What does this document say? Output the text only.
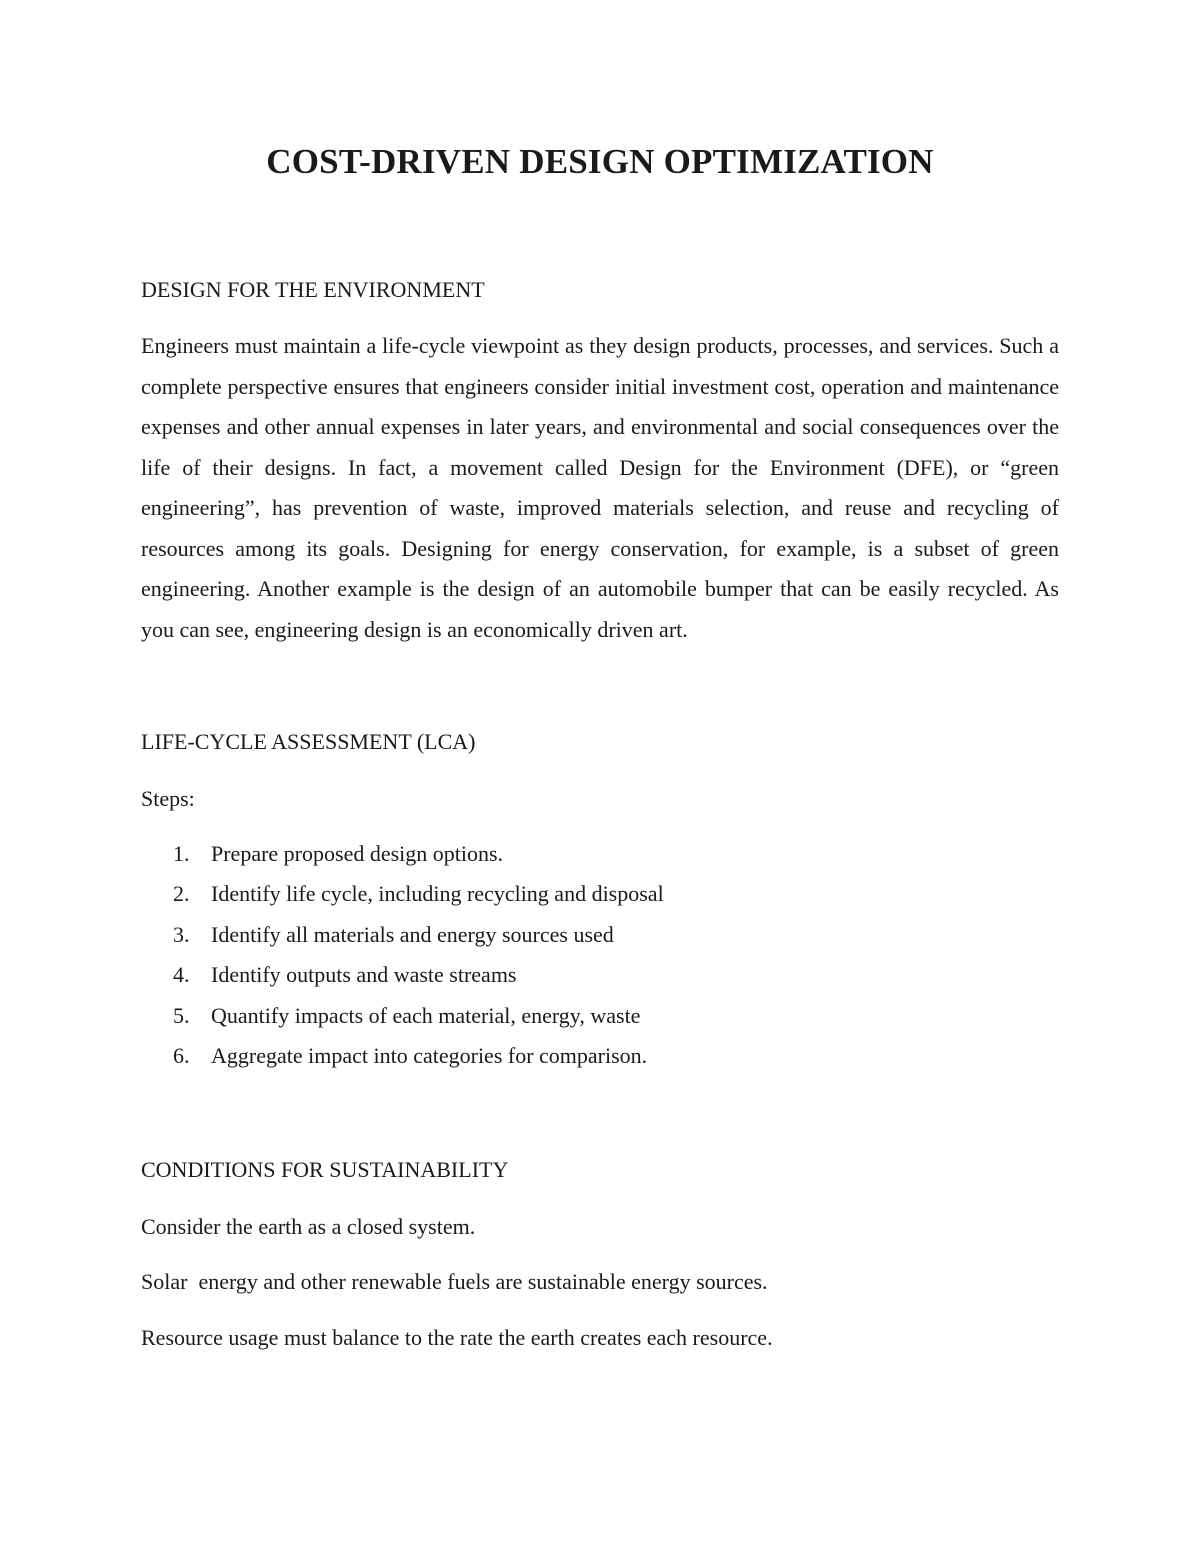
COST-DRIVEN DESIGN OPTIMIZATION
DESIGN FOR THE ENVIRONMENT

Engineers must maintain a life-cycle viewpoint as they design products, processes, and services. Such a complete perspective ensures that engineers consider initial investment cost, operation and maintenance expenses and other annual expenses in later years, and environmental and social consequences over the life of their designs. In fact, a movement called Design for the Environment (DFE), or “green engineering”, has prevention of waste, improved materials selection, and reuse and recycling of resources among its goals. Designing for energy conservation, for example, is a subset of green engineering. Another example is the design of an automobile bumper that can be easily recycled. As you can see, engineering design is an economically driven art.

LIFE-CYCLE ASSESSMENT (LCA)

Steps:

1. Prepare proposed design options.
2. Identify life cycle, including recycling and disposal
3. Identify all materials and energy sources used
4. Identify outputs and waste streams
5. Quantify impacts of each material, energy, waste
6. Aggregate impact into categories for comparison.
CONDITIONS FOR SUSTAINABILITY

Consider the earth as a closed system.

Solar  energy and other renewable fuels are sustainable energy sources.

Resource usage must balance to the rate the earth creates each resource.
